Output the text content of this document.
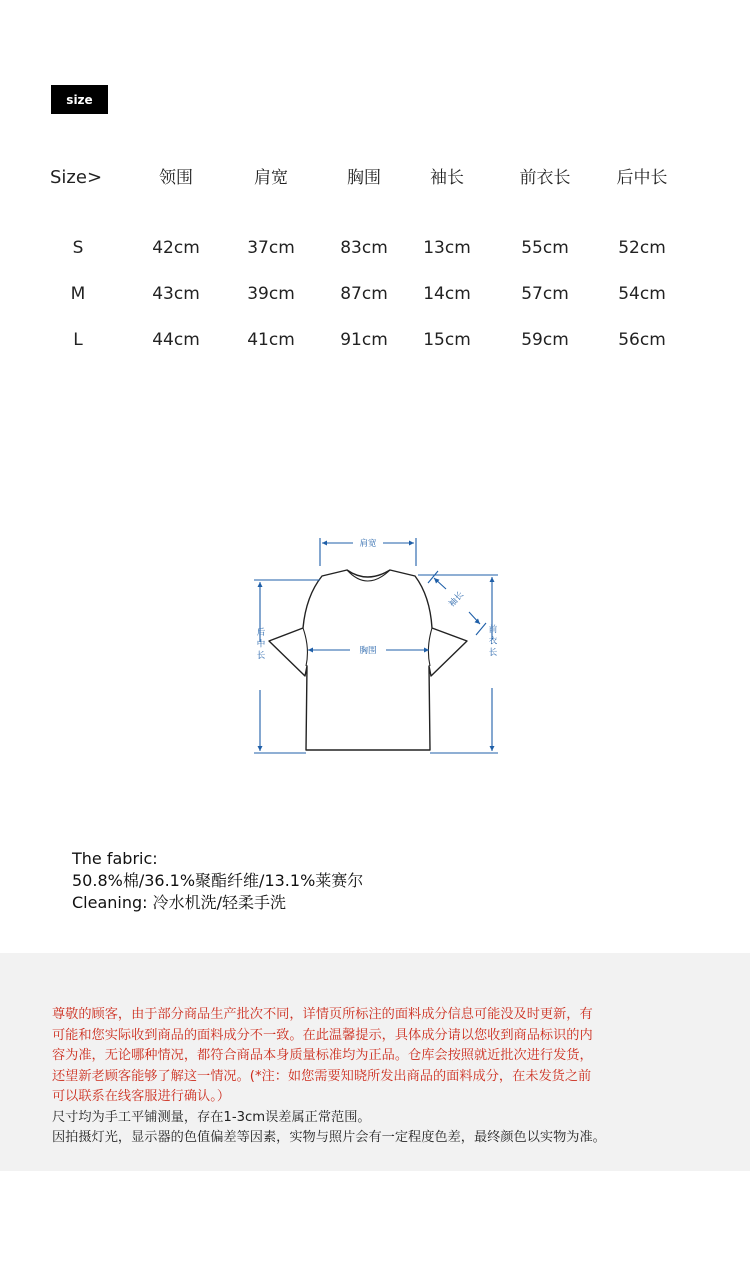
size
Size>	领围	肩宽	胸围	袖长	前衣长	后中长
S	42cm	37cm	83cm 13cm	55cm	52cm
M	43cm	39cm	87cm 14cm	57cm	54cm
L	44cm	41cm	91cm 15cm	59cm	56cm
肩宽
胸围
袖长
后中长	前衣长
The fabric:
50.8%棉/36.1%聚酯纤维/13.1%莱赛尔
Cleaning: 冷水机洗/轻柔手洗
尊敬的顾客，由于部分商品生产批次不同，详情页所标注的面料成分信息可能没及时更新，有
可能和您实际收到商品的面料成分不一致。在此温馨提示，具体成分请以您收到商品标识的内
容为准，无论哪种情况，都符合商品本身质量标准均为正品。仓库会按照就近批次进行发货，
还望新老顾客能够了解这一情况。(*注：如您需要知晓所发出商品的面料成分，在未发货之前
可以联系在线客服进行确认。）
尺寸均为手工平铺测量，存在1-3cm误差属正常范围。
因拍摄灯光，显示器的色值偏差等因素，实物与照片会有一定程度色差，最终颜色以实物为准。
